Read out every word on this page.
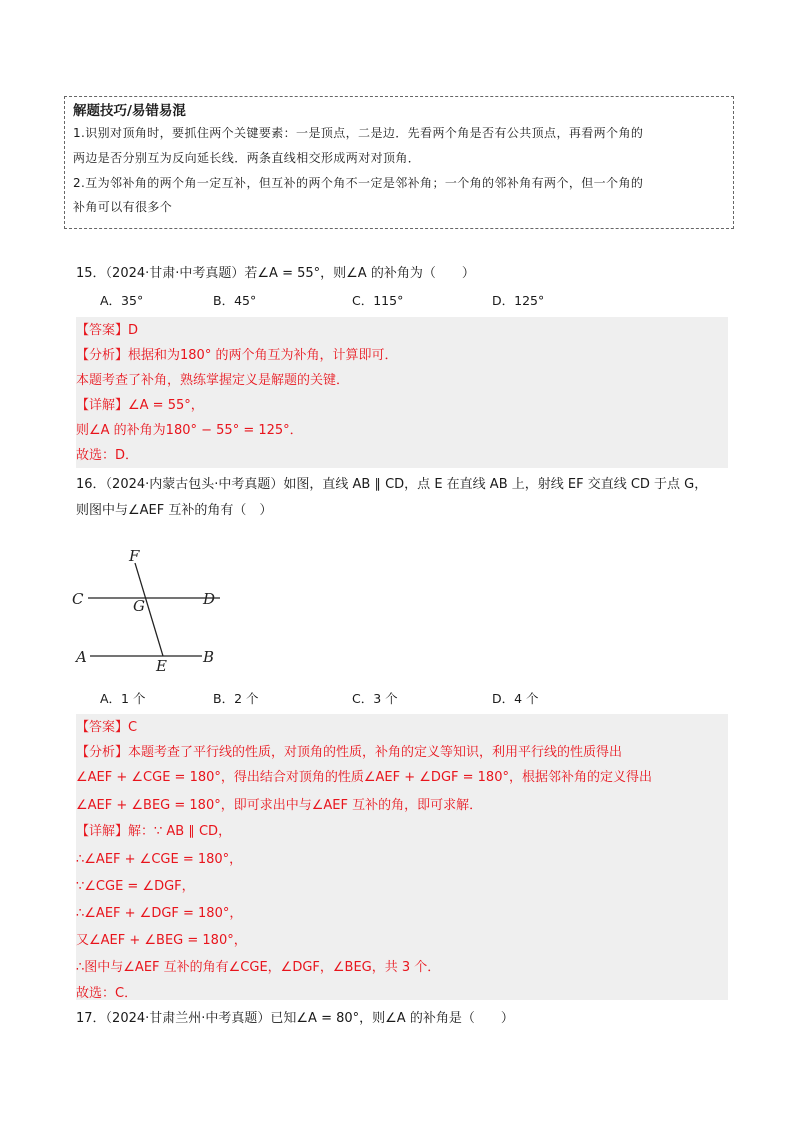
解题技巧/易错易混
1.识别对顶角时，要抓住两个关键要素：一是顶点，二是边．先看两个角是否有公共顶点，再看两个角的
两边是否分别互为反向延长线．两条直线相交形成两对对顶角．
2.互为邻补角的两个角一定互补，但互补的两个角不一定是邻补角；一个角的邻补角有两个，但一个角的
补角可以有很多个
15．（2024·甘肃·中考真题）若∠A = 55°，则∠A 的补角为（　　）
A．35°	B．45°	C．115°	D．125°
【答案】D
【分析】根据和为180° 的两个角互为补角，计算即可．
本题考查了补角，熟练掌握定义是解题的关键．
【详解】∠A = 55°，
则∠A 的补角为180° − 55° = 125°．
故选：D．
16．（2024·内蒙古包头·中考真题）如图，直线 AB ∥ CD，点 E 在直线 AB 上，射线 EF 交直线 CD 于点 G，
则图中与∠AEF 互补的角有（　）
F
C	G	D
A	E B
A．1 个	B．2 个	C．3 个	D．4 个
【答案】C
【分析】本题考查了平行线的性质，对顶角的性质，补角的定义等知识，利用平行线的性质得出
∠AEF + ∠CGE = 180°，得出结合对顶角的性质∠AEF + ∠DGF = 180°，根据邻补角的定义得出
∠AEF + ∠BEG = 180°，即可求出中与∠AEF 互补的角，即可求解．
【详解】解：∵ AB ∥ CD，
∴∠AEF + ∠CGE = 180°，
∵∠CGE = ∠DGF，
∴∠AEF + ∠DGF = 180°，
又∠AEF + ∠BEG = 180°，
∴图中与∠AEF 互补的角有∠CGE，∠DGF，∠BEG，共 3 个．
故选：C．
17．（2024·甘肃兰州·中考真题）已知∠A = 80°，则∠A 的补角是（　　）
